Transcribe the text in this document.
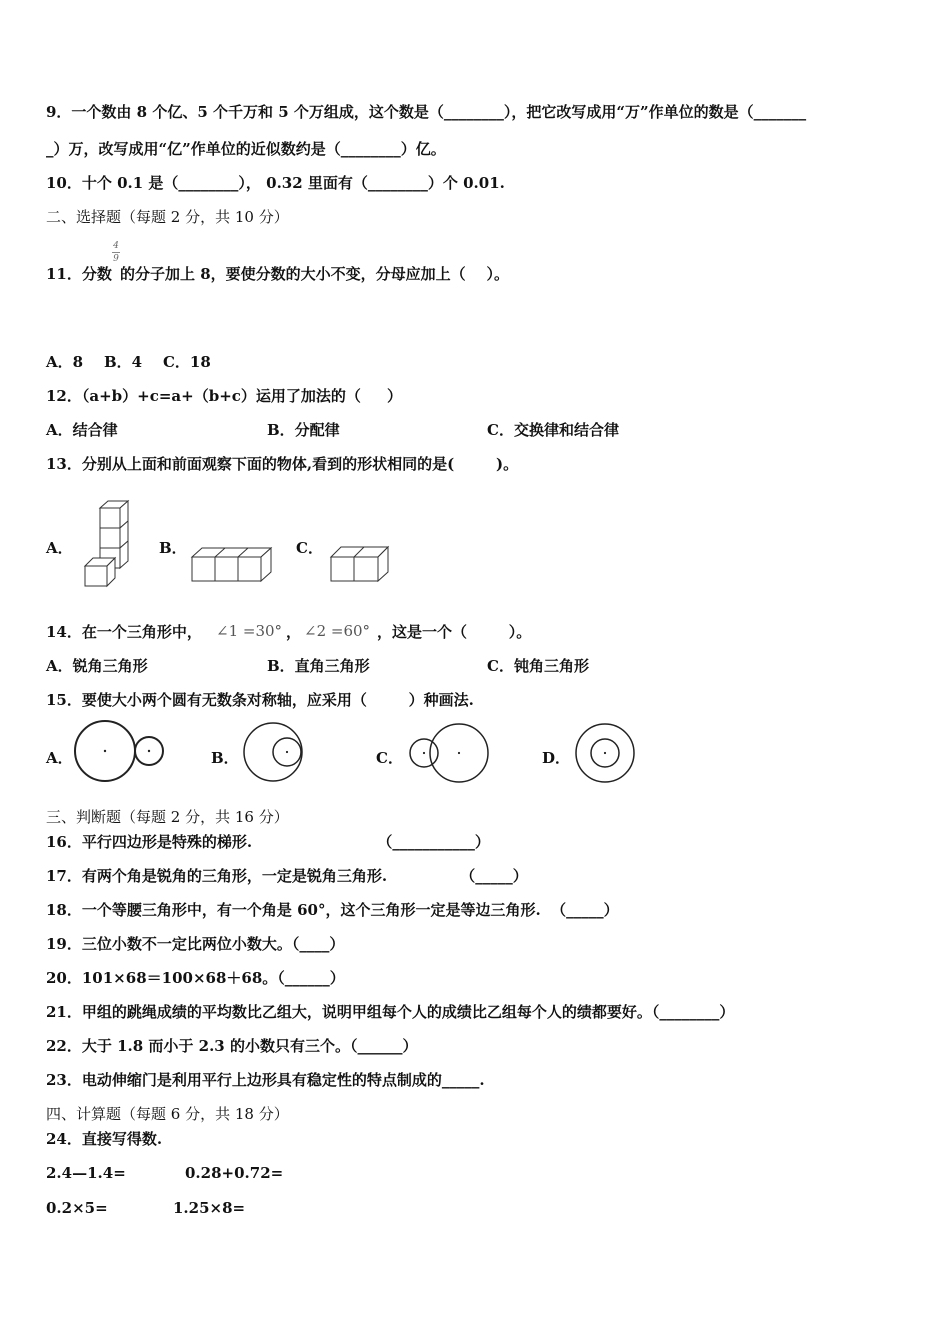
9．一个数由 8 个亿、5 个千万和 5 个万组成，这个数是（________），把它改写成用“万”作单位的数是（_______
_）万，改写成用“亿”作单位的近似数约是（________）亿。
10．十个 0.1 是（________）， 0.32 里面有（________）个 0.01.
二、选择题（每题 2 分，共 10 分）
11．分数
4
9
的分子加上 8，要使分数的大小不变，分母应加上（    ）。
A．8    B．4    C．18
12．（a+b）+c=a+（b+c）运用了加法的（     ）
A．结合律	B．分配律	C．交换律和结合律
13．分别从上面和前面观察下面的物体,看到的形状相同的是(        )。
A．	B．	C．
14．在一个三角形中， ∠1 =30° ， ∠2 =60° ，这是一个（        ）。
A．锐角三角形	B．直角三角形	C．钝角三角形
15．要使大小两个圆有无数条对称轴，应采用（        ）种画法.
A．	B．	C．	D．
三、判断题（每题 2 分，共 16 分）
16．平行四边形是特殊的梯形.                        （___________）
17．有两个角是锐角的三角形，一定是锐角三角形.              （_____）
18．一个等腰三角形中，有一个角是 60°，这个三角形一定是等边三角形.  （_____）
19．三位小数不一定比两位小数大。（____）
20．101×68＝100×68＋68。（______）
21．甲组的跳绳成绩的平均数比乙组大，说明甲组每个人的成绩比乙组每个人的绩都要好。（________）
22．大于 1.8 而小于 2.3 的小数只有三个。（______）
23．电动伸缩门是利用平行上边形具有稳定性的特点制成的_____.
四、计算题（每题 6 分，共 18 分）
24．直接写得数.
2.4—1.4=	0.28+0.72=
0.2×5=	1.25×8=
